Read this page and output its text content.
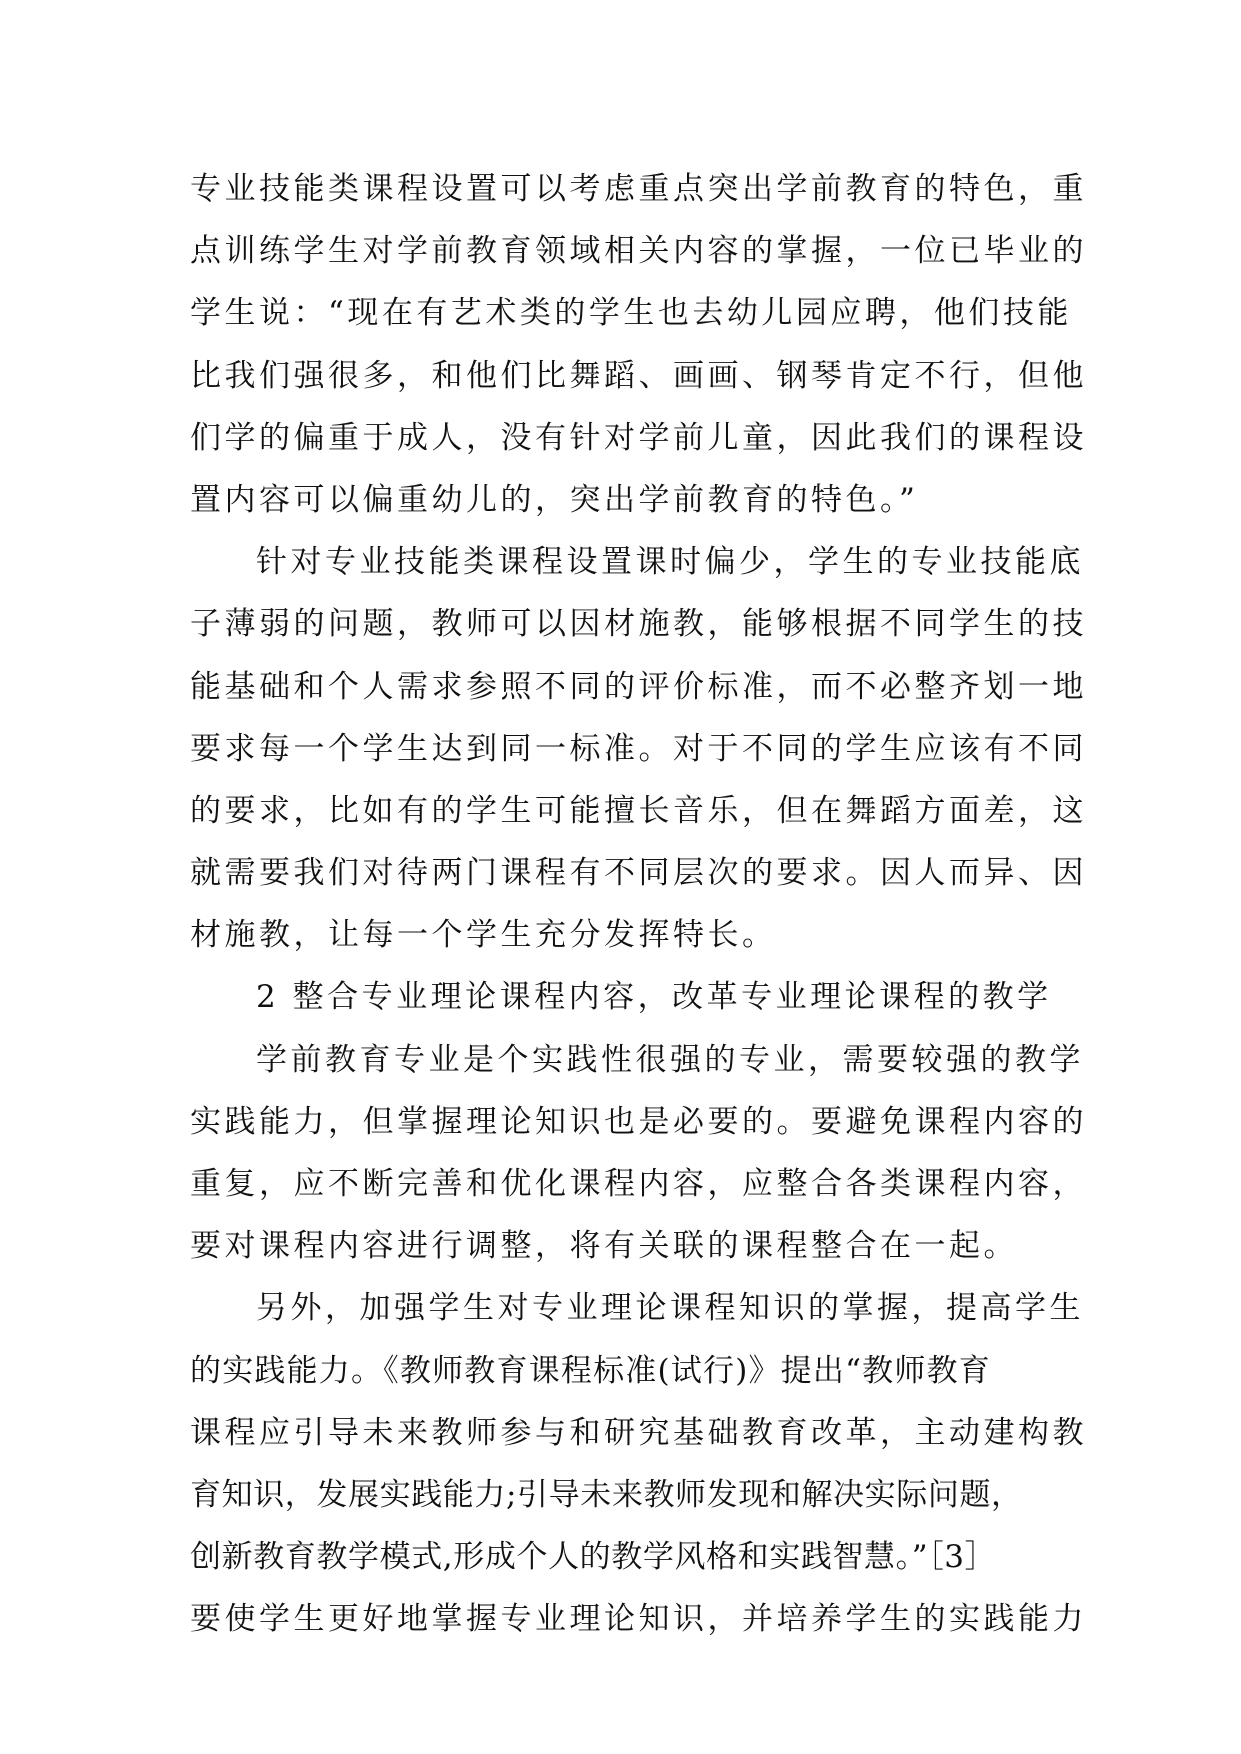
专业技能类课程设置可以考虑重点突出学前教育的特色，重
点训练学生对学前教育领域相关内容的掌握，一位已毕业的
学生说：“现在有艺术类的学生也去幼儿园应聘，他们技能
比我们强很多，和他们比舞蹈、画画、钢琴肯定不行，但他
们学的偏重于成人，没有针对学前儿童，因此我们的课程设
置内容可以偏重幼儿的，突出学前教育的特色。”
针对专业技能类课程设置课时偏少，学生的专业技能底
子薄弱的问题，教师可以因材施教，能够根据不同学生的技
能基础和个人需求参照不同的评价标准，而不必整齐划一地
要求每一个学生达到同一标准。对于不同的学生应该有不同
的要求，比如有的学生可能擅长音乐，但在舞蹈方面差，这
就需要我们对待两门课程有不同层次的要求。因人而异、因
材施教，让每一个学生充分发挥特长。
2 整合专业理论课程内容，改革专业理论课程的教学
学前教育专业是个实践性很强的专业，需要较强的教学
实践能力，但掌握理论知识也是必要的。要避免课程内容的
重复，应不断完善和优化课程内容，应整合各类课程内容，
要对课程内容进行调整，将有关联的课程整合在一起。
另外，加强学生对专业理论课程知识的掌握，提高学生
的实践能力。《教师教育课程标准(试行)》提出“教师教育
课程应引导未来教师参与和研究基础教育改革，主动建构教
育知识，发展实践能力;引导未来教师发现和解决实际问题，
创新教育教学模式,形成个人的教学风格和实践智慧。”［3］
要使学生更好地掌握专业理论知识，并培养学生的实践能力
